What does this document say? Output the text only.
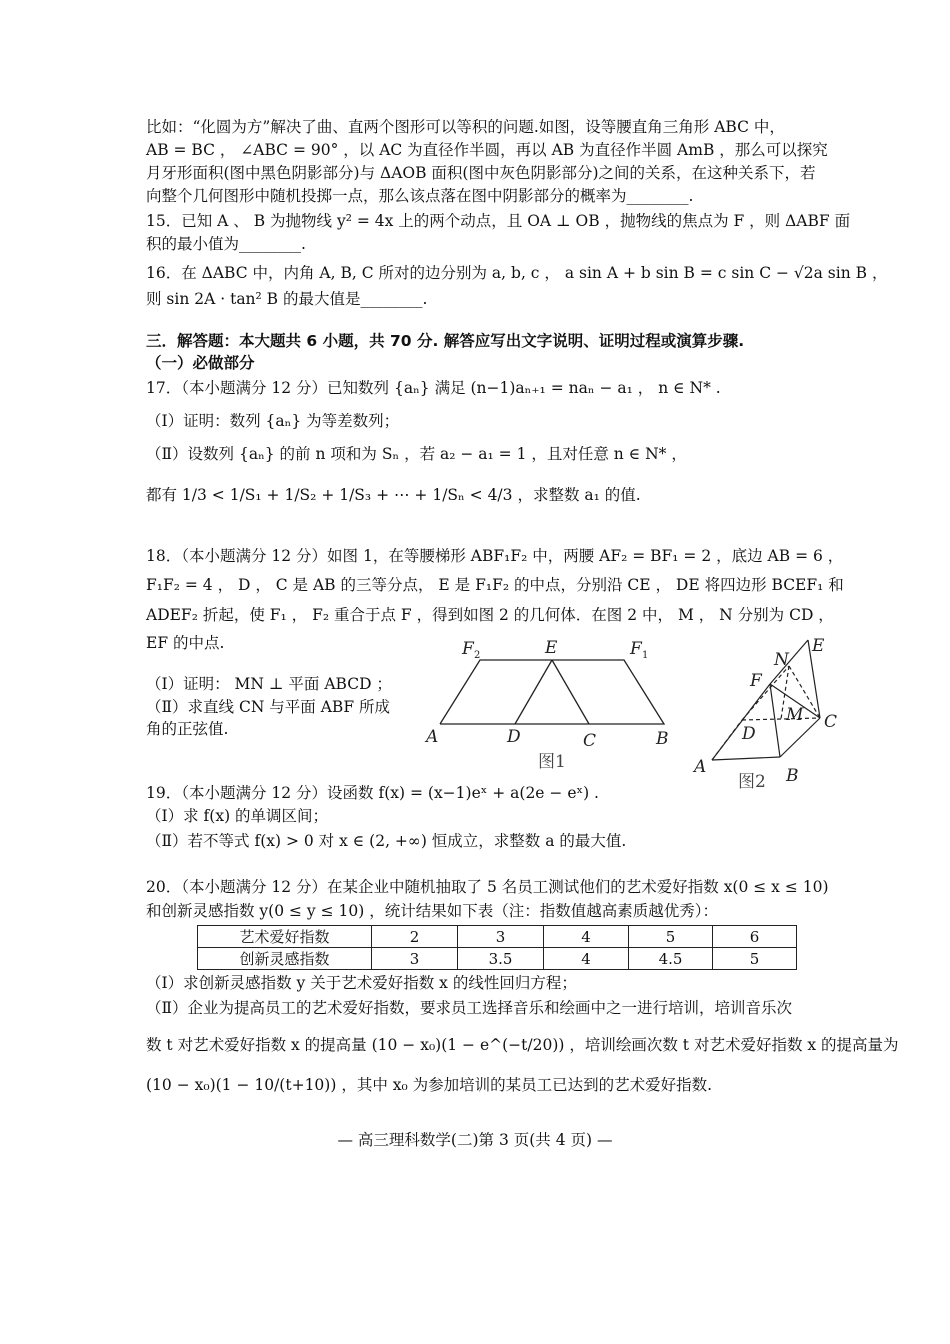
比如：“化圆为方”解决了曲、直两个图形可以等积的问题.如图，设等腰直角三角形 ABC 中，
AB = BC ， ∠ABC = 90° ，以 AC 为直径作半圆，再以 AB 为直径作半圆 AmB ，那么可以探究
月牙形面积(图中黑色阴影部分)与 ΔAOB 面积(图中灰色阴影部分)之间的关系，在这种关系下，若
向整个几何图形中随机投掷一点，那么该点落在图中阴影部分的概率为________.
15．已知 A 、 B 为抛物线 y² = 4x 上的两个动点，且 OA ⊥ OB ，抛物线的焦点为 F ，则 ΔABF 面
积的最小值为________.
16．在 ΔABC 中，内角 A, B, C 所对的边分别为 a, b, c ， a sin A + b sin B = c sin C − √2a sin B ，
则 sin 2A · tan² B 的最大值是________.
三．解答题：本大题共 6 小题，共 70 分. 解答应写出文字说明、证明过程或演算步骤.
（一）必做部分
17．（本小题满分 12 分）已知数列 {aₙ} 满足 (n−1)aₙ₊₁ = naₙ − a₁ ， n ∈ N* .
（Ⅰ）证明：数列 {aₙ} 为等差数列；
（Ⅱ）设数列 {aₙ} 的前 n 项和为 Sₙ ，若 a₂ − a₁ = 1 ，且对任意 n ∈ N* ，
都有 1/3 < 1/S₁ + 1/S₂ + 1/S₃ + ⋯ + 1/Sₙ < 4/3 ，求整数 a₁ 的值.
18．（本小题满分 12 分）如图 1，在等腰梯形 ABF₁F₂ 中，两腰 AF₂ = BF₁ = 2 ，底边 AB = 6 ，
F₁F₂ = 4 ， D ， C 是 AB 的三等分点， E 是 F₁F₂ 的中点，分别沿 CE ， DE 将四边形 BCEF₁ 和
ADEF₂ 折起，使 F₁ ， F₂ 重合于点 F ，得到如图 2 的几何体．在图 2 中， M ， N 分别为 CD ，
EF 的中点.
（Ⅰ）证明： MN ⊥ 平面 ABCD ；
（Ⅱ）求直线 CN 与平面 ABF 所成
角的正弦值.
F 2	E	F 1
A	D	C	B
图1
N
E
F
M
D
C
A	B
图2
19．（本小题满分 12 分）设函数 f(x) = (x−1)eˣ + a(2e − eˣ) .
（Ⅰ）求 f(x) 的单调区间；
（Ⅱ）若不等式 f(x) > 0 对 x ∈ (2, +∞) 恒成立，求整数 a 的最大值.
20．（本小题满分 12 分）在某企业中随机抽取了 5 名员工测试他们的艺术爱好指数 x(0 ≤ x ≤ 10)
和创新灵感指数 y(0 ≤ y ≤ 10) ，统计结果如下表（注：指数值越高素质越优秀）：
艺术爱好指数	2	3	4	5	6
创新灵感指数	3	3.5	4	4.5	5
（Ⅰ）求创新灵感指数 y 关于艺术爱好指数 x 的线性回归方程；
（Ⅱ）企业为提高员工的艺术爱好指数，要求员工选择音乐和绘画中之一进行培训，培训音乐次
数 t 对艺术爱好指数 x 的提高量 (10 − x₀)(1 − e^(−t/20)) ，培训绘画次数 t 对艺术爱好指数 x 的提高量为
(10 − x₀)(1 − 10/(t+10)) ，其中 x₀ 为参加培训的某员工已达到的艺术爱好指数.
— 高三理科数学(二)第 3 页(共 4 页) —
